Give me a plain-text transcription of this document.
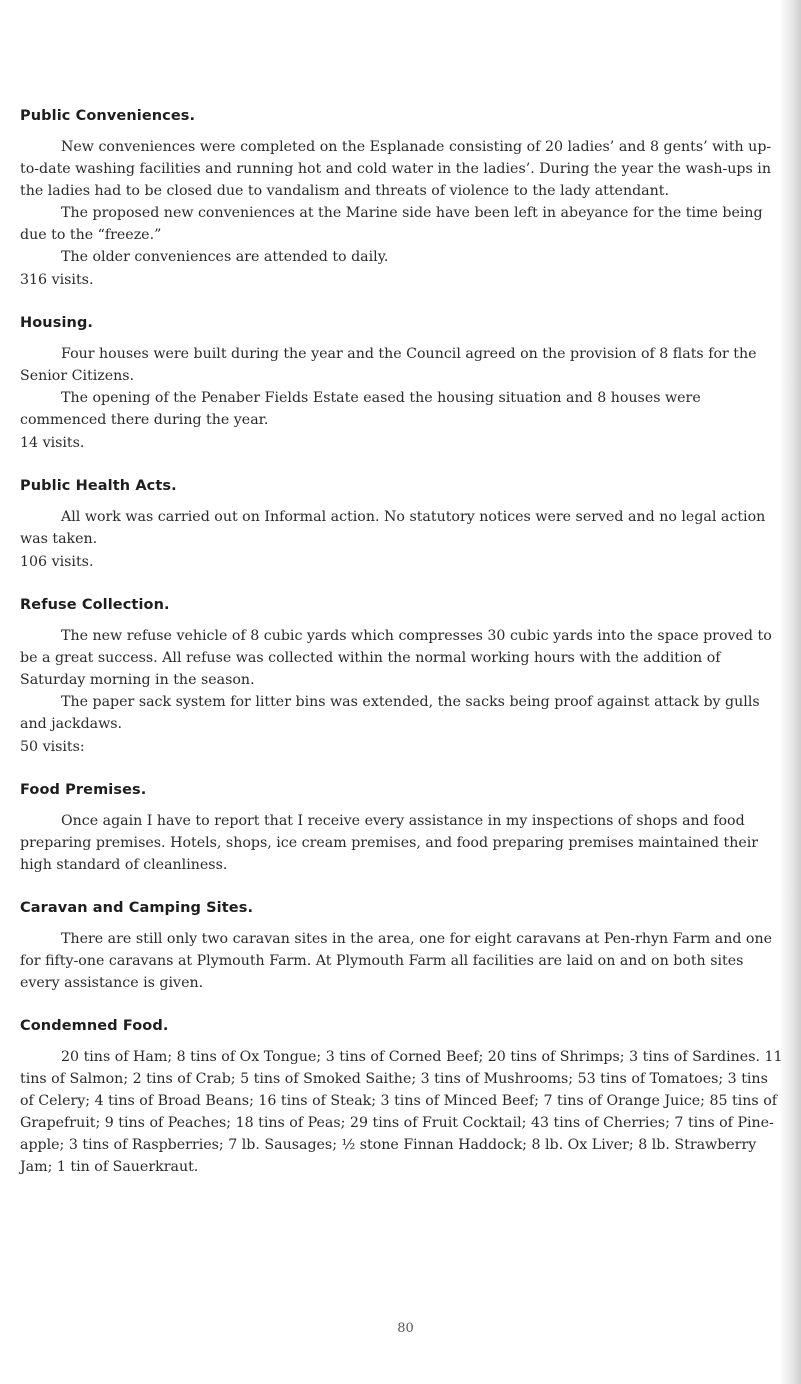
Public Conveniences.

New conveniences were completed on the Esplanade consisting of 20 ladies’ and 8 gents’ with up-to-date washing facilities and running hot and cold water in the ladies’. During the year the wash-ups in the ladies had to be closed due to vandalism and threats of violence to the lady attendant.

The proposed new conveniences at the Marine side have been left in abeyance for the time being due to the “freeze.”

The older conveniences are attended to daily.

316 visits.

Housing.

Four houses were built during the year and the Council agreed on the provision of 8 flats for the Senior Citizens.

The opening of the Penaber Fields Estate eased the housing situation and 8 houses were commenced there during the year.

14 visits.

Public Health Acts.

All work was carried out on Informal action. No statutory notices were served and no legal action was taken.

106 visits.

Refuse Collection.

The new refuse vehicle of 8 cubic yards which compresses 30 cubic yards into the space proved to be a great success. All refuse was collected within the normal working hours with the addition of Saturday morning in the season.

The paper sack system for litter bins was extended, the sacks being proof against attack by gulls and jackdaws.

50 visits:

Food Premises.

Once again I have to report that I receive every assistance in my inspections of shops and food preparing premises. Hotels, shops, ice cream premises, and food preparing premises maintained their high standard of cleanliness.

Caravan and Camping Sites.

There are still only two caravan sites in the area, one for eight caravans at Pen-rhyn Farm and one for fifty-one caravans at Plymouth Farm. At Plymouth Farm all facilities are laid on and on both sites every assistance is given.

Condemned Food.

20 tins of Ham; 8 tins of Ox Tongue; 3 tins of Corned Beef; 20 tins of Shrimps; 3 tins of Sardines. 11 tins of Salmon; 2 tins of Crab; 5 tins of Smoked Saithe; 3 tins of Mushrooms; 53 tins of Tomatoes; 3 tins of Celery; 4 tins of Broad Beans; 16 tins of Steak; 3 tins of Minced Beef; 7 tins of Orange Juice; 85 tins of Grapefruit; 9 tins of Peaches; 18 tins of Peas; 29 tins of Fruit Cocktail; 43 tins of Cherries; 7 tins of Pine-apple; 3 tins of Raspberries; 7 lb. Sausages; ½ stone Finnan Haddock; 8 lb. Ox Liver; 8 lb. Strawberry Jam; 1 tin of Sauerkraut.

80
